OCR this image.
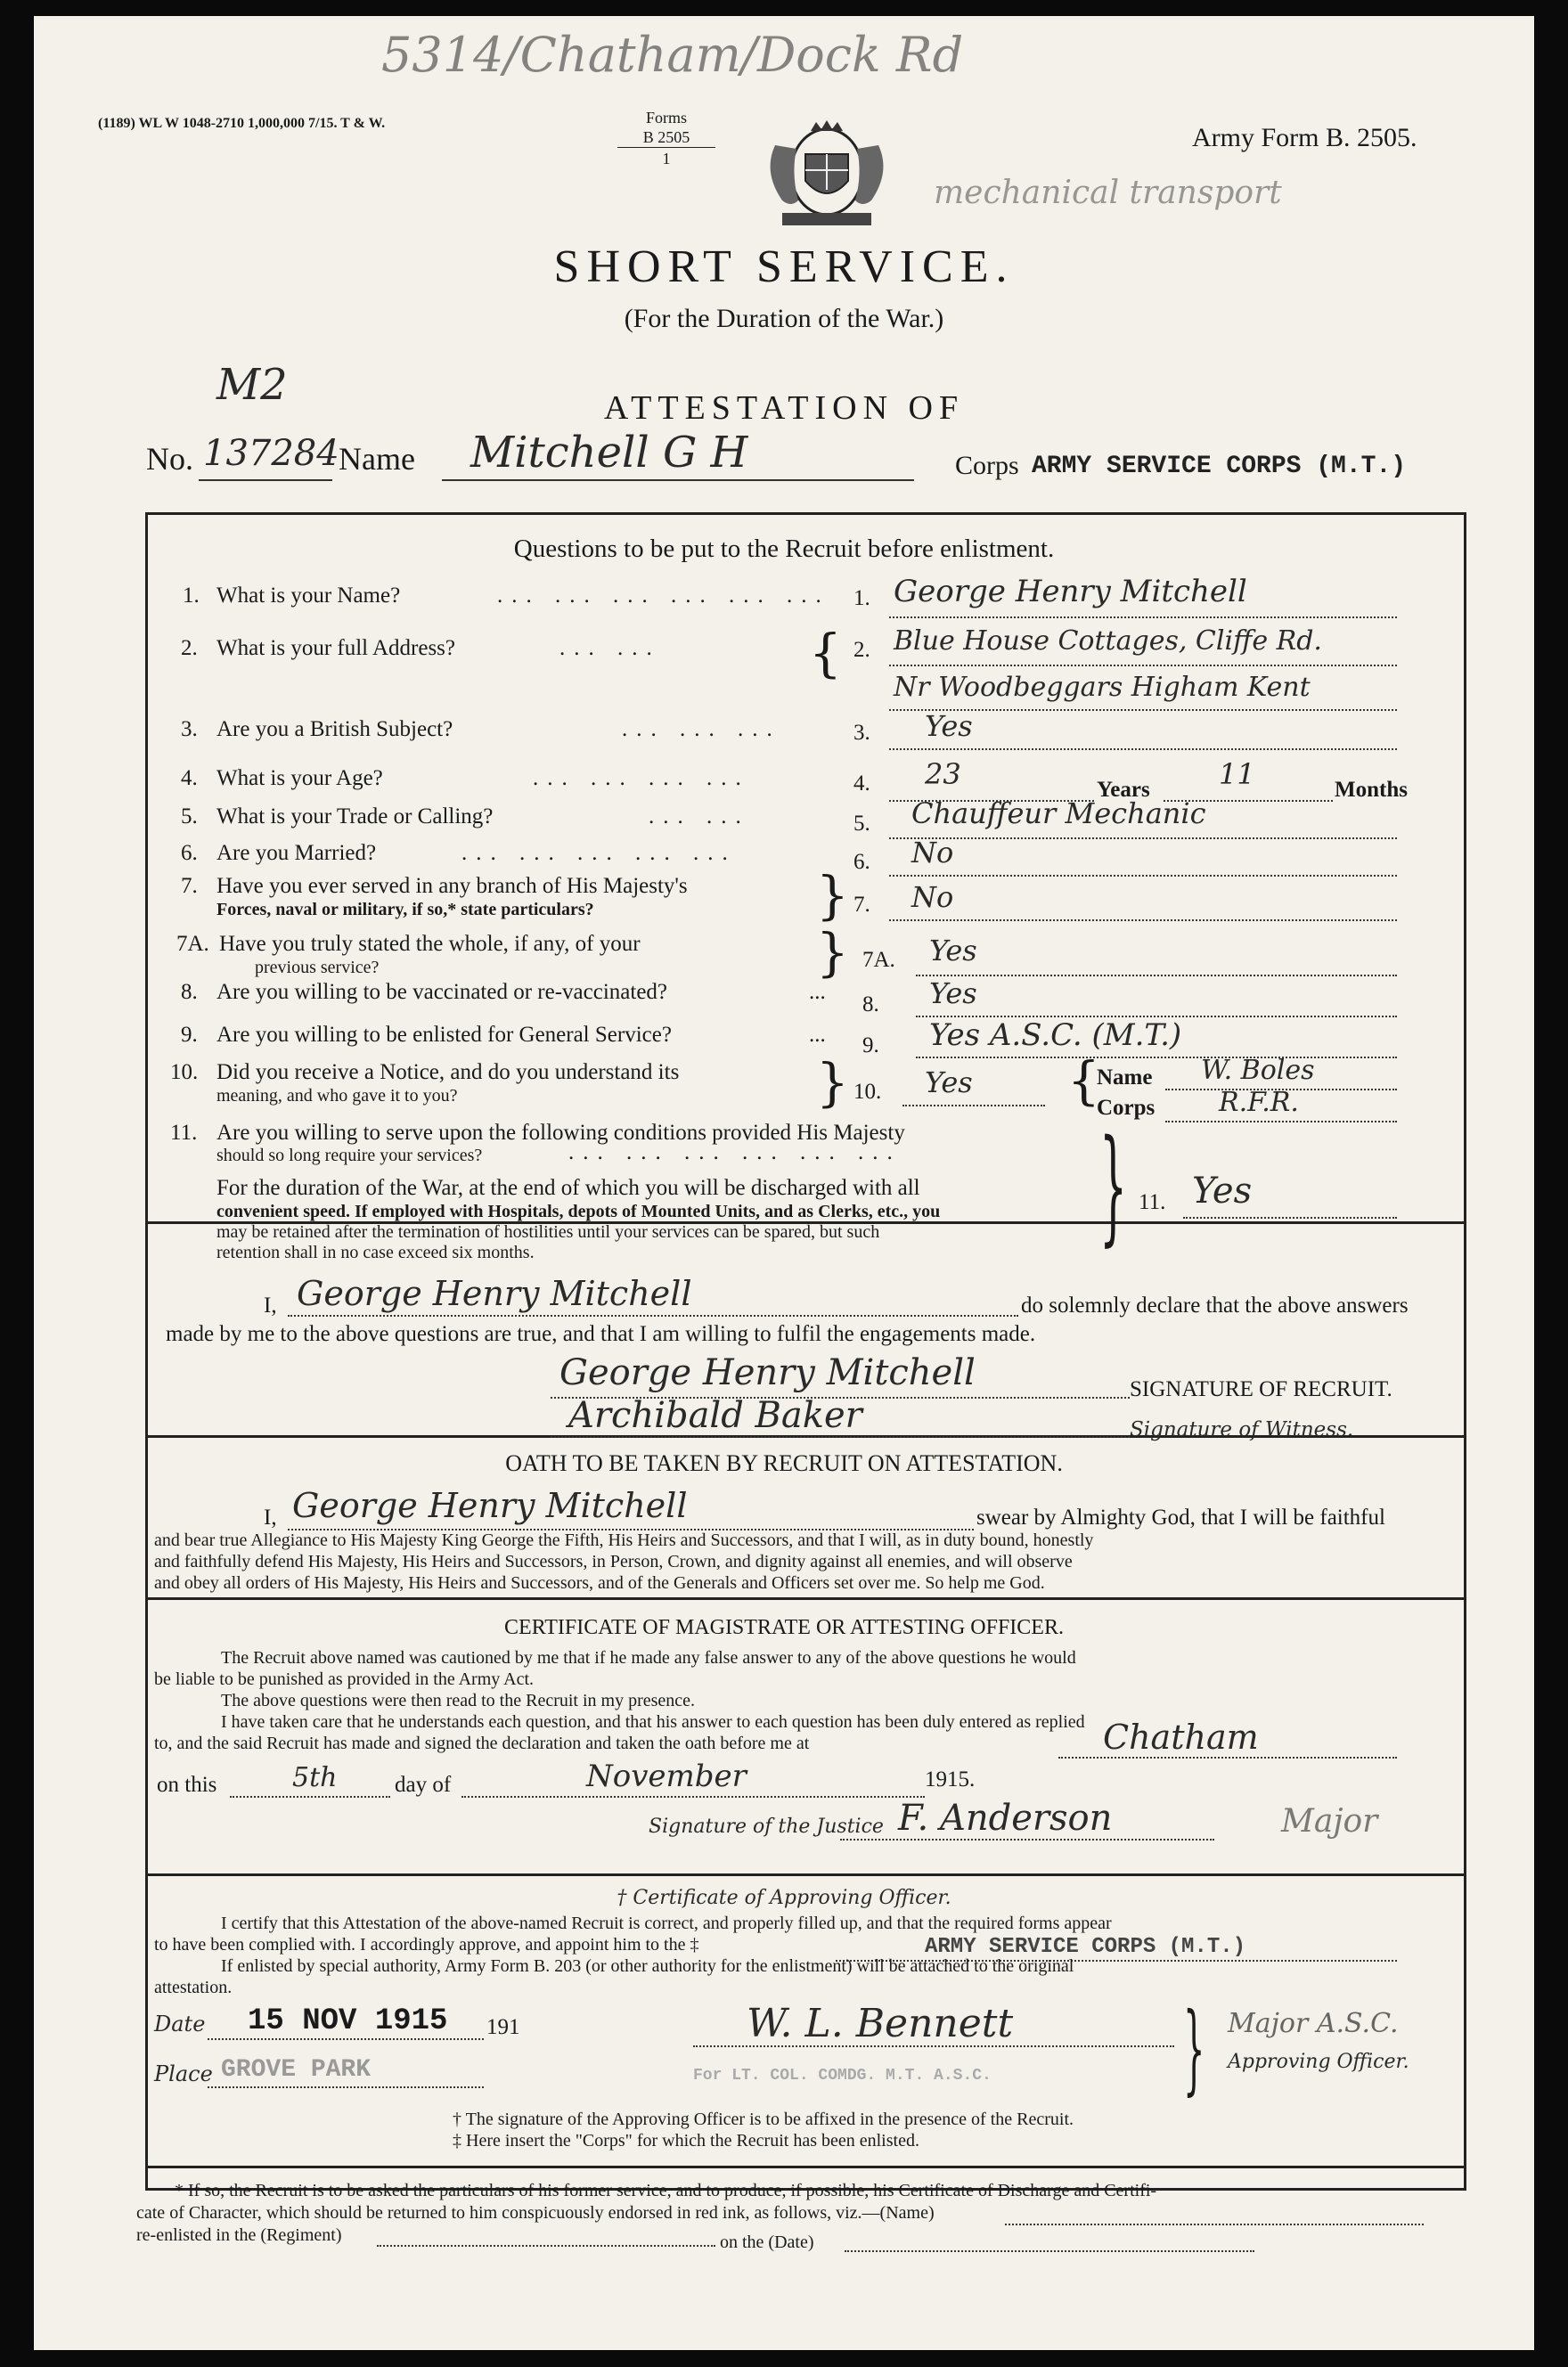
5314/Chatham/Dock Rd
(1189) WL W 1048-2710 1,000,000 7/15. T & W.	Forms
B 2505
1
Army Form B. 2505.
mechanical transport
SHORT SERVICE.
(For the Duration of the War.)
M2	ATTESTATION OF
No. 137284 Name Mitchell G H	Corps ARMY SERVICE CORPS (M.T.)
Questions to be put to the Recruit before enlistment.
1. What is your Name?	... ... ... ... ... ... 1. George Henry Mitchell
2. What is your full Address?	... ...	{ 2. Blue House Cottages, Cliffe Rd.
Nr Woodbeggars Higham Kent
3. Are you a British Subject?	... ... ...	3. Yes
4. What is your Age?	... ... ... ...	4. 23	Years 11	Months
5. What is your Trade or Calling?	... ...	5. Chauffeur Mechanic
6. Are you Married?	... ... ... ... ...	6. No
7. Have you ever served in any branch of His Majesty's
Forces, naval or military, if so,* state particulars?	} 7. No
7A. Have you truly stated the whole, if any, of your
previous service?	} 7A. Yes
8. Are you willing to be vaccinated or re-vaccinated?	...
8. Yes
9. Are you willing to be enlisted for General Service?	... 9. Yes A.S.C. (M.T.)
10. Did you receive a Notice, and do you understand its
meaning, and who gave it to you?	} 10. Yes {
Name W. Boles
Corps R.F.R.
11. Are you willing to serve upon the following conditions provided His Majesty
should so long require your services?	... ... ... ... ... ... }
For the duration of the War, at the end of which you will be discharged with all
convenient speed. If employed with Hospitals, depots of Mounted Units, and as Clerks, etc., you
may be retained after the termination of hostilities until your services can be spared, but such
retention shall in no case exceed six months.
11. Yes
I, George Henry Mitchell	do solemnly declare that the above answers
made by me to the above questions are true, and that I am willing to fulfil the engagements made.
George Henry Mitchell	SIGNATURE OF RECRUIT.
Archibald Baker	Signature of Witness.
OATH TO BE TAKEN BY RECRUIT ON ATTESTATION.
I, George Henry Mitchell	swear by Almighty God, that I will be faithful
and bear true Allegiance to His Majesty King George the Fifth, His Heirs and Successors, and that I will, as in duty bound, honestly
and faithfully defend His Majesty, His Heirs and Successors, in Person, Crown, and dignity against all enemies, and will observe
and obey all orders of His Majesty, His Heirs and Successors, and of the Generals and Officers set over me. So help me God.
CERTIFICATE OF MAGISTRATE OR ATTESTING OFFICER.
The Recruit above named was cautioned by me that if he made any false answer to any of the above questions he would
be liable to be punished as provided in the Army Act.
The above questions were then read to the Recruit in my presence.
I have taken care that he understands each question, and that his answer to each question has been duly entered as replied
to, and the said Recruit has made and signed the declaration and taken the oath before me at	Chatham
on this	5th	day of	November	1915.
Signature of the Justice F. Anderson	Major
† Certificate of Approving Officer.
I certify that this Attestation of the above-named Recruit is correct, and properly filled up, and that the required forms appear
to have been complied with. I accordingly approve, and appoint him to the ‡	ARMY SERVICE CORPS (M.T.)
If enlisted by special authority, Army Form B. 203 (or other authority for the enlistment) will be attached to the original
attestation.
Date 15 NOV 1915 191	W. L. Bennett } Major A.S.C.
Approving Officer.
Place GROVE PARK	For LT. COL. COMDG. M.T. A.S.C.
† The signature of the Approving Officer is to be affixed in the presence of the Recruit.
‡ Here insert the "Corps" for which the Recruit has been enlisted.
* If so, the Recruit is to be asked the particulars of his former service, and to produce, if possible, his Certificate of Discharge and Certifi-
cate of Character, which should be returned to him conspicuously endorsed in red ink, as follows, viz.—(Name)
re-enlisted in the (Regiment)	on the (Date)
